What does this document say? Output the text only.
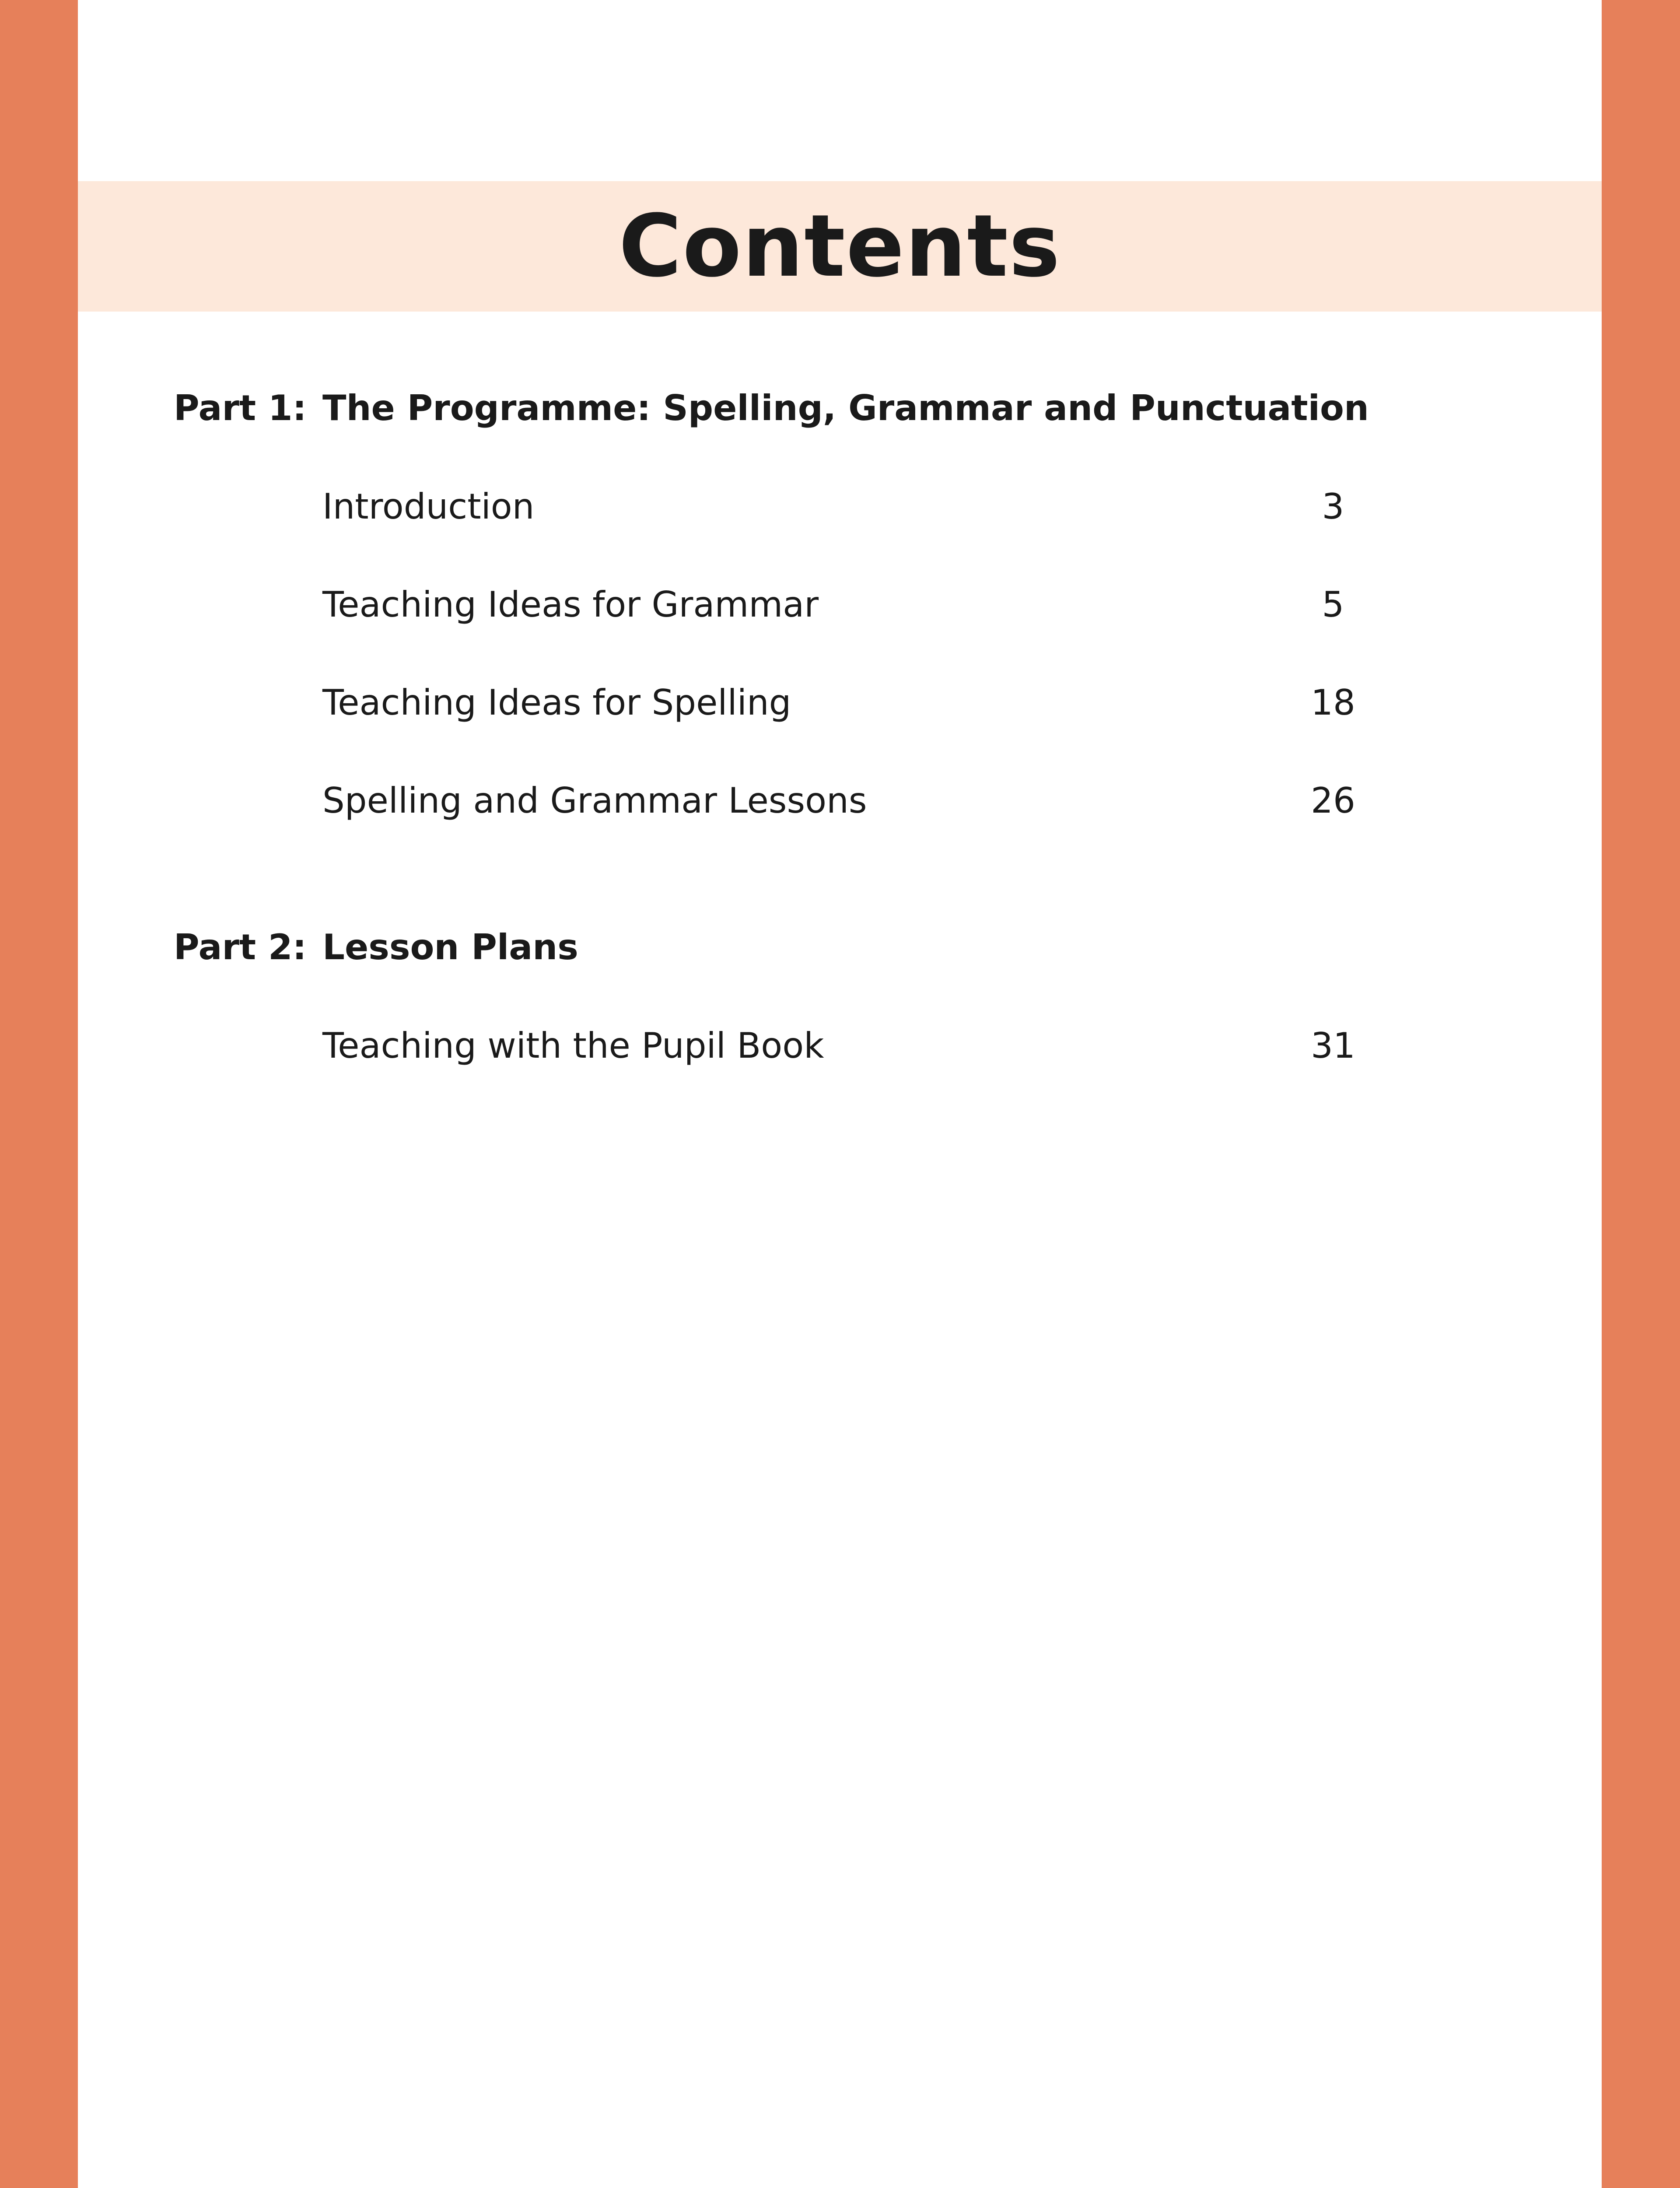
Contents
Part 1: The Programme: Spelling, Grammar and Punctuation
Introduction	3
Teaching Ideas for Grammar	5
Teaching Ideas for Spelling	18
Spelling and Grammar Lessons	26
Part 2: Lesson Plans
Teaching with the Pupil Book	31
